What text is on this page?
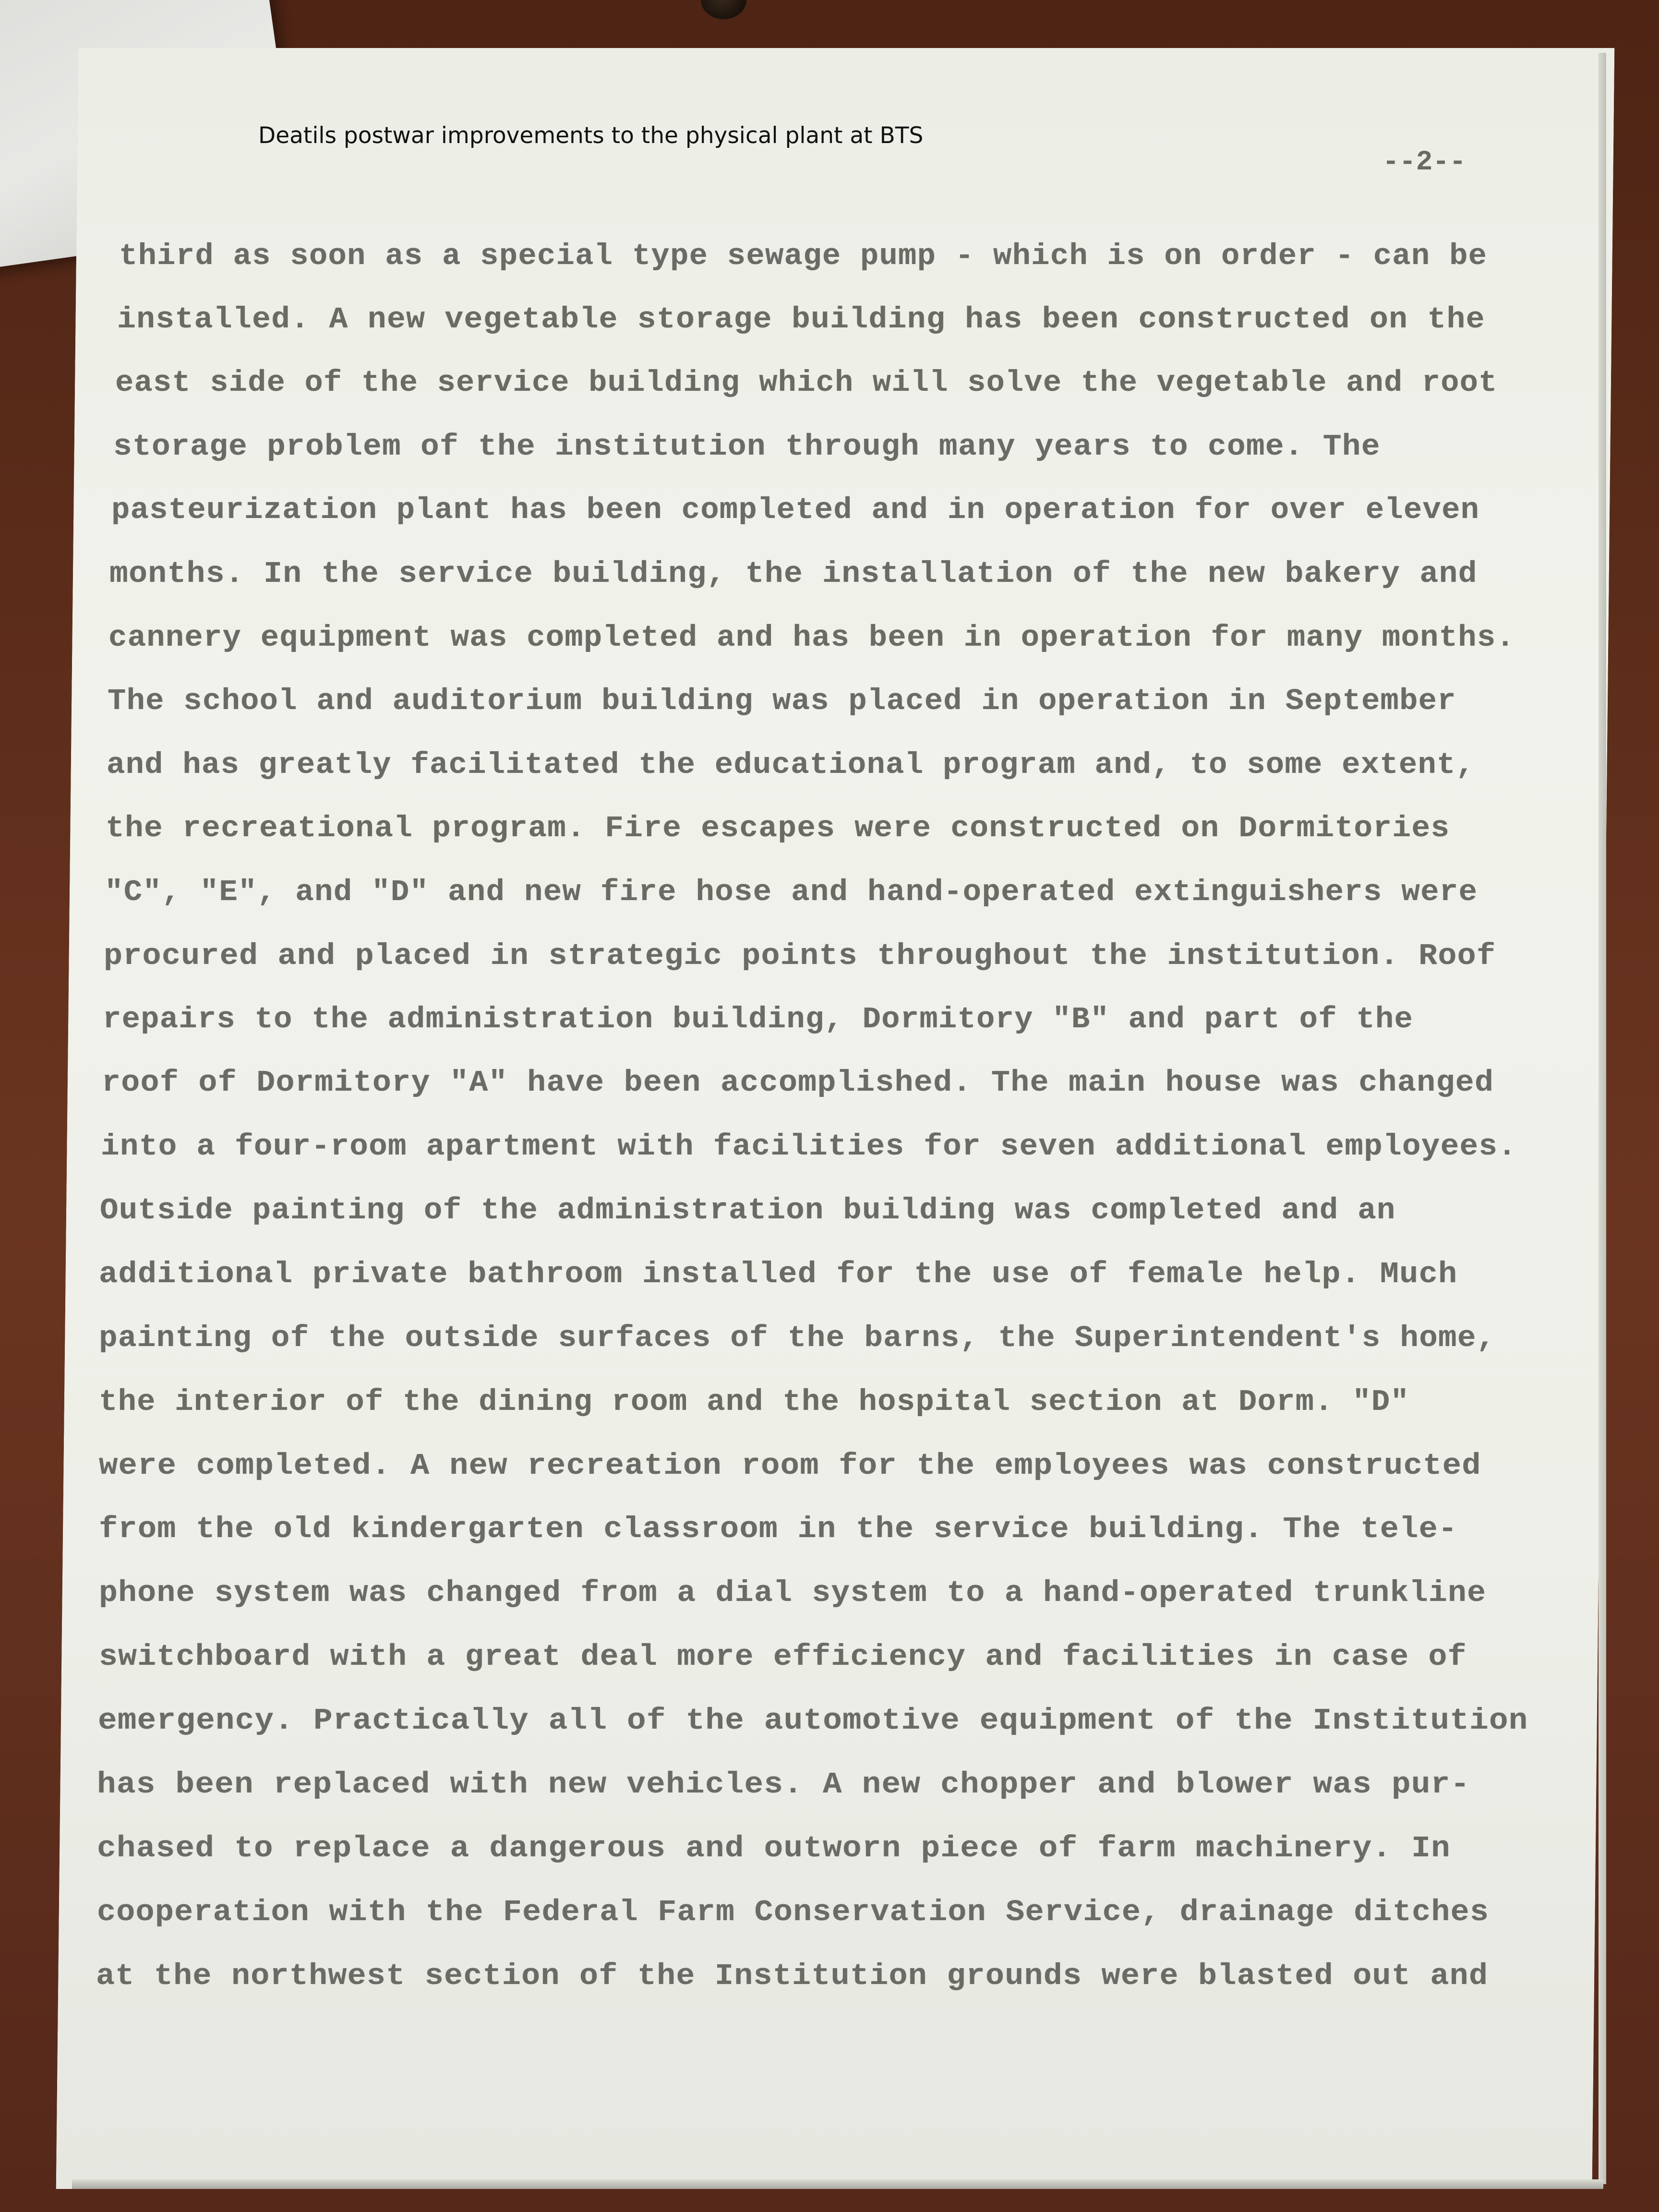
Deatils postwar improvements to the physical plant at BTS
--2--
third as soon as a special type sewage pump - which is on order - can be
installed. A new vegetable storage building has been constructed on the
east side of the service building which will solve the vegetable and root
storage problem of the institution through many years to come. The
pasteurization plant has been completed and in operation for over eleven
months. In the service building, the installation of the new bakery and
cannery equipment was completed and has been in operation for many months.
The school and auditorium building was placed in operation in September
and has greatly facilitated the educational program and, to some extent,
the recreational program. Fire escapes were constructed on Dormitories
"C", "E", and "D" and new fire hose and hand-operated extinguishers were
procured and placed in strategic points throughout the institution. Roof
repairs to the administration building, Dormitory "B" and part of the
roof of Dormitory "A" have been accomplished. The main house was changed
into a four-room apartment with facilities for seven additional employees.
Outside painting of the administration building was completed and an
additional private bathroom installed for the use of female help. Much
painting of the outside surfaces of the barns, the Superintendent's home,
the interior of the dining room and the hospital section at Dorm. "D"
were completed. A new recreation room for the employees was constructed
from the old kindergarten classroom in the service building. The tele-
phone system was changed from a dial system to a hand-operated trunkline
switchboard with a great deal more efficiency and facilities in case of
emergency. Practically all of the automotive equipment of the Institution
has been replaced with new vehicles. A new chopper and blower was pur-
chased to replace a dangerous and outworn piece of farm machinery. In
cooperation with the Federal Farm Conservation Service, drainage ditches
at the northwest section of the Institution grounds were blasted out and
